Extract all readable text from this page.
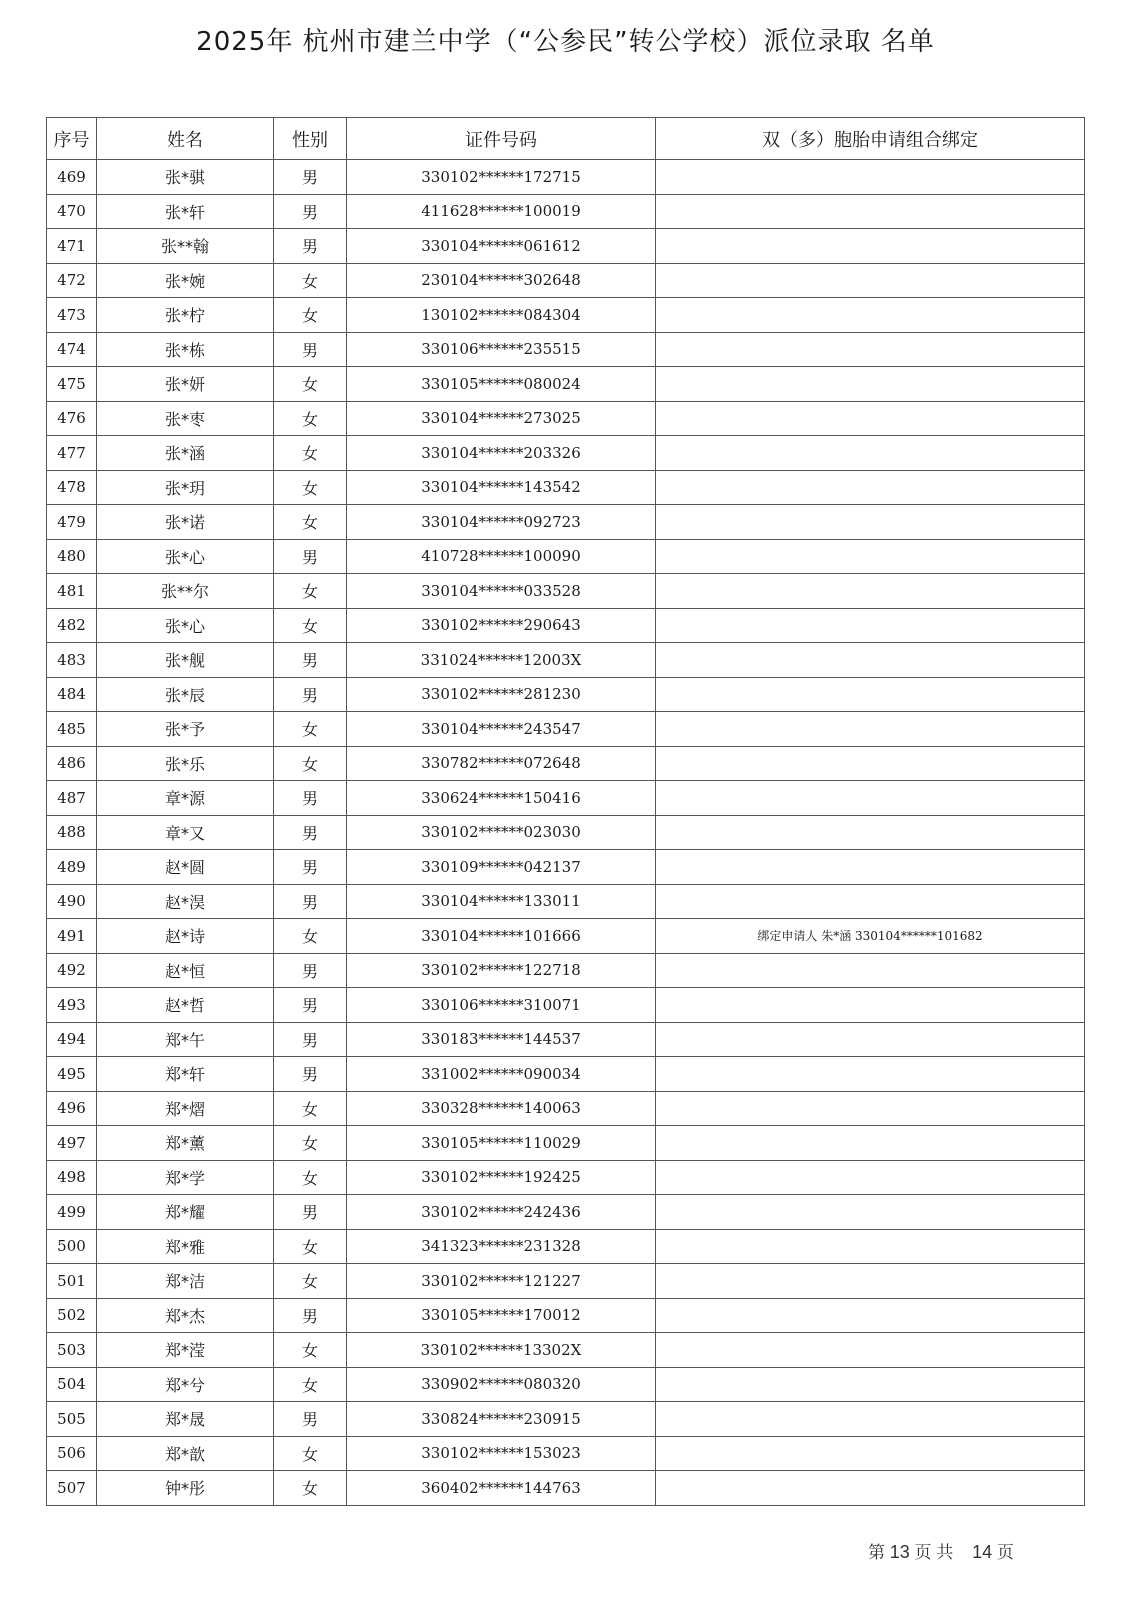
2025年 杭州市建兰中学（“公参民”转公学校）派位录取 名单
序号	姓名	性别	证件号码	双（多）胞胎申请组合绑定
469	张*骐	男	330102******172715	
470	张*轩	男	411628******100019	
471	张**翰	男	330104******061612	
472	张*婉	女	230104******302648	
473	张*柠	女	130102******084304	
474	张*栋	男	330106******235515	
475	张*妍	女	330105******080024	
476	张*枣	女	330104******273025	
477	张*涵	女	330104******203326	
478	张*玥	女	330104******143542	
479	张*诺	女	330104******092723	
480	张*心	男	410728******100090	
481	张**尔	女	330104******033528	
482	张*心	女	330102******290643	
483	张*舰	男	331024******12003X	
484	张*辰	男	330102******281230	
485	张*予	女	330104******243547	
486	张*乐	女	330782******072648	
487	章*源	男	330624******150416	
488	章*又	男	330102******023030	
489	赵*圆	男	330109******042137	
490	赵*淏	男	330104******133011	
491	赵*诗	女	330104******101666	绑定申请人 朱*涵 330104******101682
492	赵*恒	男	330102******122718	
493	赵*哲	男	330106******310071	
494	郑*午	男	330183******144537	
495	郑*轩	男	331002******090034	
496	郑*熠	女	330328******140063	
497	郑*薰	女	330105******110029	
498	郑*学	女	330102******192425	
499	郑*耀	男	330102******242436	
500	郑*雅	女	341323******231328	
501	郑*洁	女	330102******121227	
502	郑*杰	男	330105******170012	
503	郑*滢	女	330102******13302X	
504	郑*兮	女	330902******080320	
505	郑*晟	男	330824******230915	
506	郑*歆	女	330102******153023	
507	钟*彤	女	360402******144763	
第 13 页 共 14 页
